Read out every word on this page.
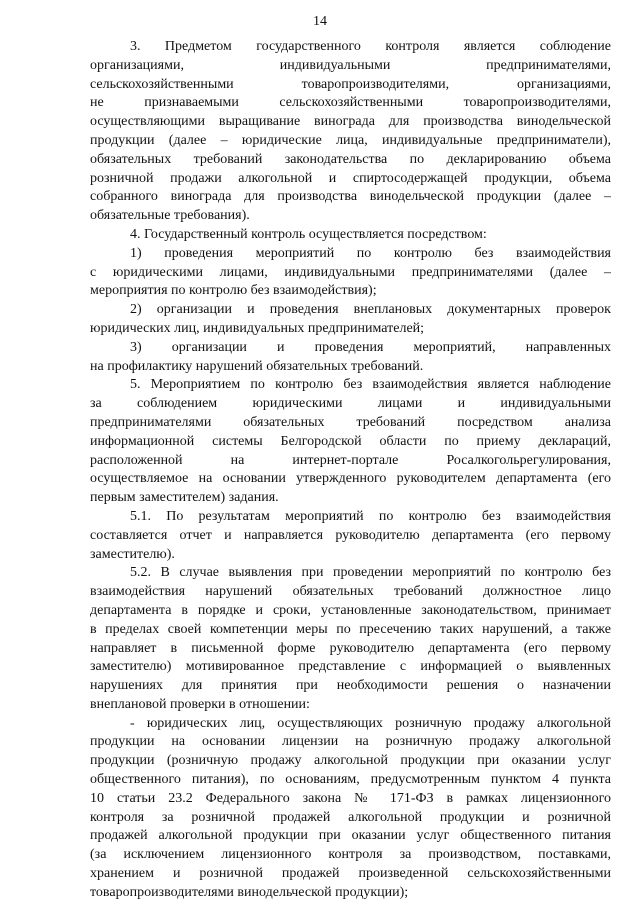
14
3. Предметом государственного контроля является соблюдение
организациями, индивидуальными предпринимателями,
сельскохозяйственными товаропроизводителями, организациями,
не признаваемыми сельскохозяйственными товаропроизводителями,
осуществляющими выращивание винограда для производства винодельческой
продукции (далее – юридические лица, индивидуальные предприниматели),
обязательных требований законодательства по декларированию объема
розничной продажи алкогольной и спиртосодержащей продукции, объема
собранного винограда для производства винодельческой продукции (далее –
обязательные требования).
4. Государственный контроль осуществляется посредством:
1) проведения мероприятий по контролю без взаимодействия
с юридическими лицами, индивидуальными предпринимателями (далее –
мероприятия по контролю без взаимодействия);
2) организации и проведения внеплановых документарных проверок
юридических лиц, индивидуальных предпринимателей;
3) организации и проведения мероприятий, направленных
на профилактику нарушений обязательных требований.
5. Мероприятием по контролю без взаимодействия является наблюдение
за соблюдением юридическими лицами и индивидуальными
предпринимателями обязательных требований посредством анализа
информационной системы Белгородской области по приему деклараций,
расположенной на интернет-портале Росалкогольрегулирования,
осуществляемое на основании утвержденного руководителем департамента (его
первым заместителем) задания.
5.1. По результатам мероприятий по контролю без взаимодействия
составляется отчет и направляется руководителю департамента (его первому
заместителю).
5.2. В случае выявления при проведении мероприятий по контролю без
взаимодействия нарушений обязательных требований должностное лицо
департамента в порядке и сроки, установленные законодательством, принимает
в пределах своей компетенции меры по пресечению таких нарушений, а также
направляет в письменной форме руководителю департамента (его первому
заместителю) мотивированное представление с информацией о выявленных
нарушениях для принятия при необходимости решения о назначении
внеплановой проверки в отношении:
- юридических лиц, осуществляющих розничную продажу алкогольной
продукции на основании лицензии на розничную продажу алкогольной
продукции (розничную продажу алкогольной продукции при оказании услуг
общественного питания), по основаниям, предусмотренным пунктом 4 пункта
10 статьи 23.2 Федерального закона № 171-ФЗ в рамках лицензионного
контроля за розничной продажей алкогольной продукции и розничной
продажей алкогольной продукции при оказании услуг общественного питания
(за исключением лицензионного контроля за производством, поставками,
хранением и розничной продажей произведенной сельскохозяйственными
товаропроизводителями винодельческой продукции);
